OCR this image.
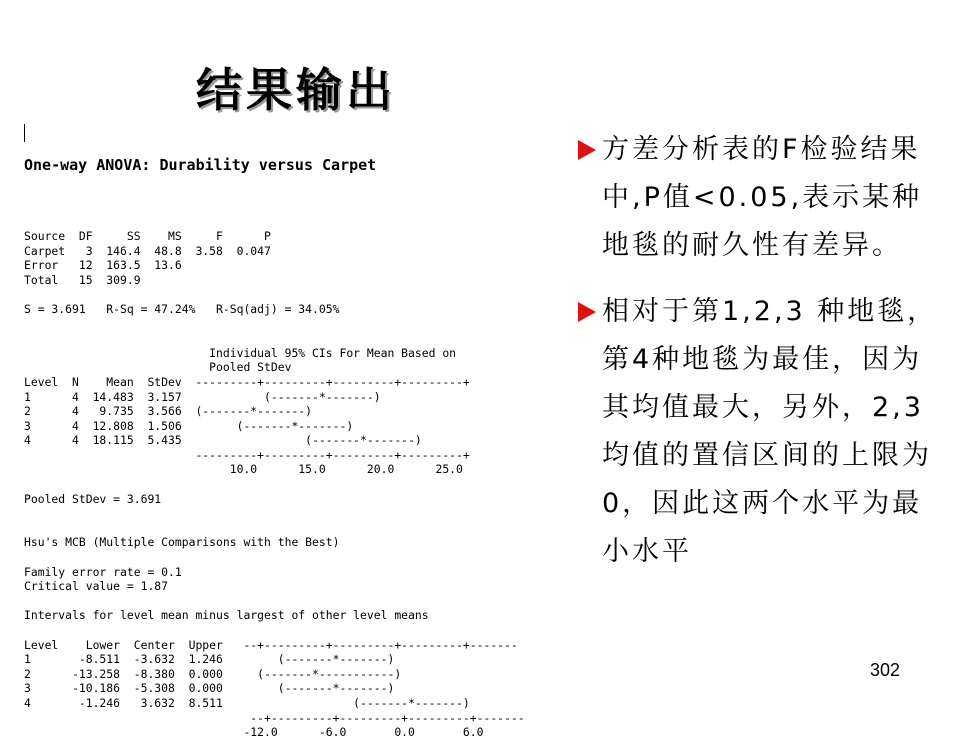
结果输出

One-way ANOVA: Durability versus Carpet

Source  DF     SS    MS     F      P
Carpet   3  146.4  48.8  3.58  0.047
Error   12  163.5  13.6
Total   15  309.9
S = 3.691   R-Sq = 47.24%   R-Sq(adj) = 34.05%
Individual 95% CIs For Mean Based on
Pooled StDev
Level  N    Mean  StDev  ---------+---------+---------+---------+
1      4  14.483  3.157            (-------*-------)
2      4   9.735  3.566  (-------*-------)
3      4  12.808  1.506        (-------*-------)
4      4  18.115  5.435                  (-------*-------)
---------+---------+---------+---------+
10.0      15.0      20.0      25.0
Pooled StDev = 3.691
Hsu's MCB (Multiple Comparisons with the Best)
Family error rate = 0.1
Critical value = 1.87
Intervals for level mean minus largest of other level means
Level    Lower  Center  Upper   --+---------+---------+---------+-------
1       -8.511  -3.632  1.246        (-------*-------)
2      -13.258  -8.380  0.000     (-------*-----------)
3      -10.186  -5.308  0.000        (-------*-------)
4       -1.246   3.632  8.511                   (-------*-------)
--+---------+---------+---------+-------
-12.0      -6.0       0.0       6.0

方差分析表的F检验结果中,P值<0.05,表示某种地毯的耐久性有差异。
相对于第1,2,3 种地毯，第4种地毯为最佳，因为其均值最大，另外，2,3均值的置信区间的上限为0，因此这两个水平为最小水平
302
